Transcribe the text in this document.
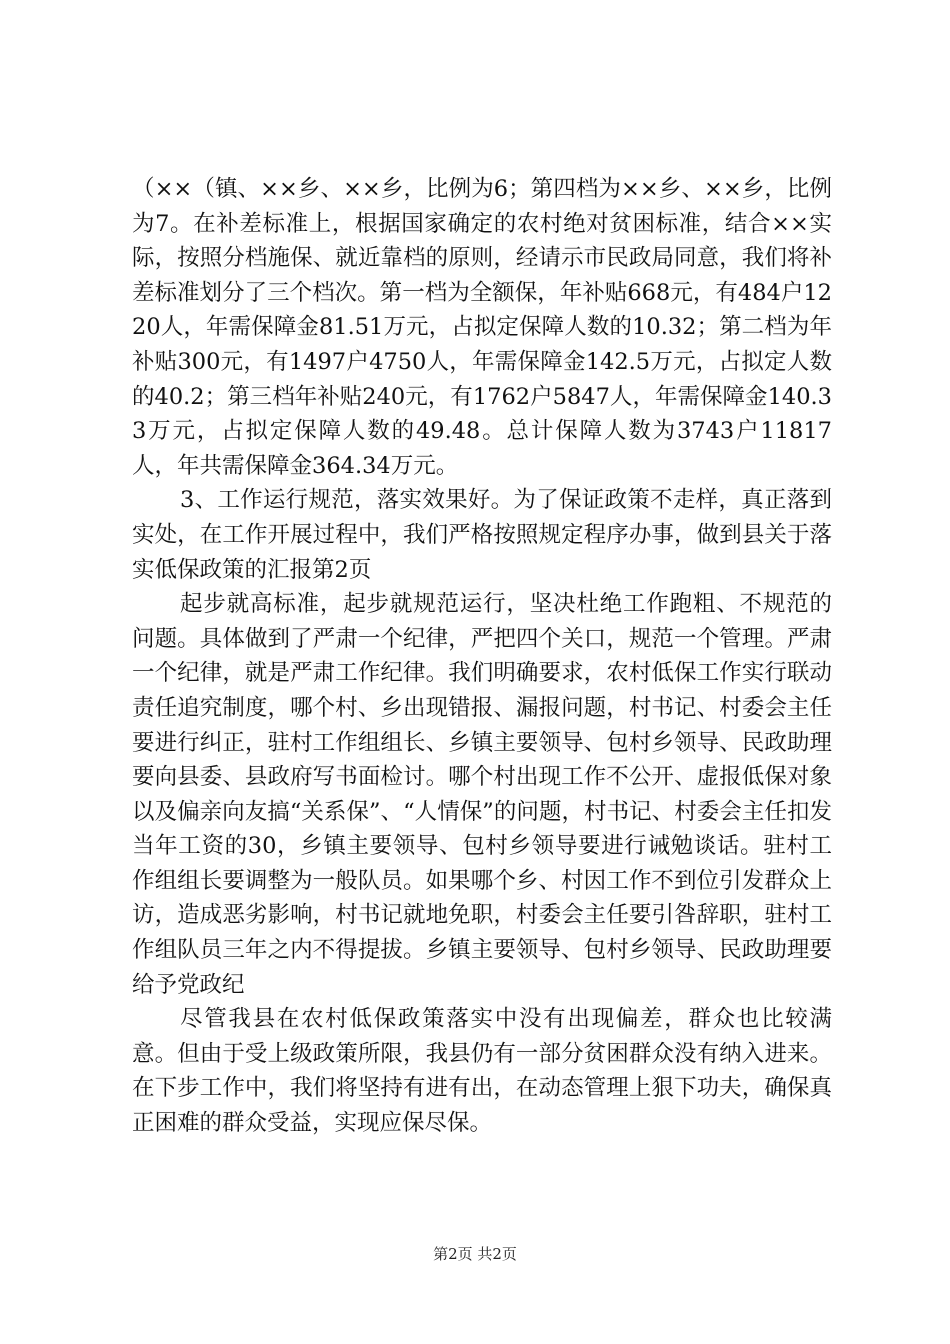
（××（镇、××乡、××乡，比例为6；第四档为××乡、××乡，比例为7。在补差标准上，根据国家确定的农村绝对贫困标准，结合××实际，按照分档施保、就近靠档的原则，经请示市民政局同意，我们将补差标准划分了三个档次。第一档为全额保，年补贴668元，有484户1220人，年需保障金81.51万元，占拟定保障人数的10.32；第二档为年补贴300元，有1497户4750人，年需保障金142.5万元，占拟定人数的40.2；第三档年补贴240元，有1762户5847人，年需保障金140.33万元，占拟定保障人数的49.48。总计保障人数为3743户11817人，年共需保障金364.34万元。

3、工作运行规范，落实效果好。为了保证政策不走样，真正落到实处，在工作开展过程中，我们严格按照规定程序办事，做到县关于落实低保政策的汇报第2页

起步就高标准，起步就规范运行，坚决杜绝工作跑粗、不规范的问题。具体做到了严肃一个纪律，严把四个关口，规范一个管理。严肃一个纪律，就是严肃工作纪律。我们明确要求，农村低保工作实行联动责任追究制度，哪个村、乡出现错报、漏报问题，村书记、村委会主任要进行纠正，驻村工作组组长、乡镇主要领导、包村乡领导、民政助理要向县委、县政府写书面检讨。哪个村出现工作不公开、虚报低保对象以及偏亲向友搞“关系保”、“人情保”的问题，村书记、村委会主任扣发当年工资的30，乡镇主要领导、包村乡领导要进行诫勉谈话。驻村工作组组长要调整为一般队员。如果哪个乡、村因工作不到位引发群众上访，造成恶劣影响，村书记就地免职，村委会主任要引咎辞职，驻村工作组队员三年之内不得提拔。乡镇主要领导、包村乡领导、民政助理要给予党政纪

尽管我县在农村低保政策落实中没有出现偏差，群众也比较满意。但由于受上级政策所限，我县仍有一部分贫困群众没有纳入进来。在下步工作中，我们将坚持有进有出，在动态管理上狠下功夫，确保真正困难的群众受益，实现应保尽保。

第2页 共2页
